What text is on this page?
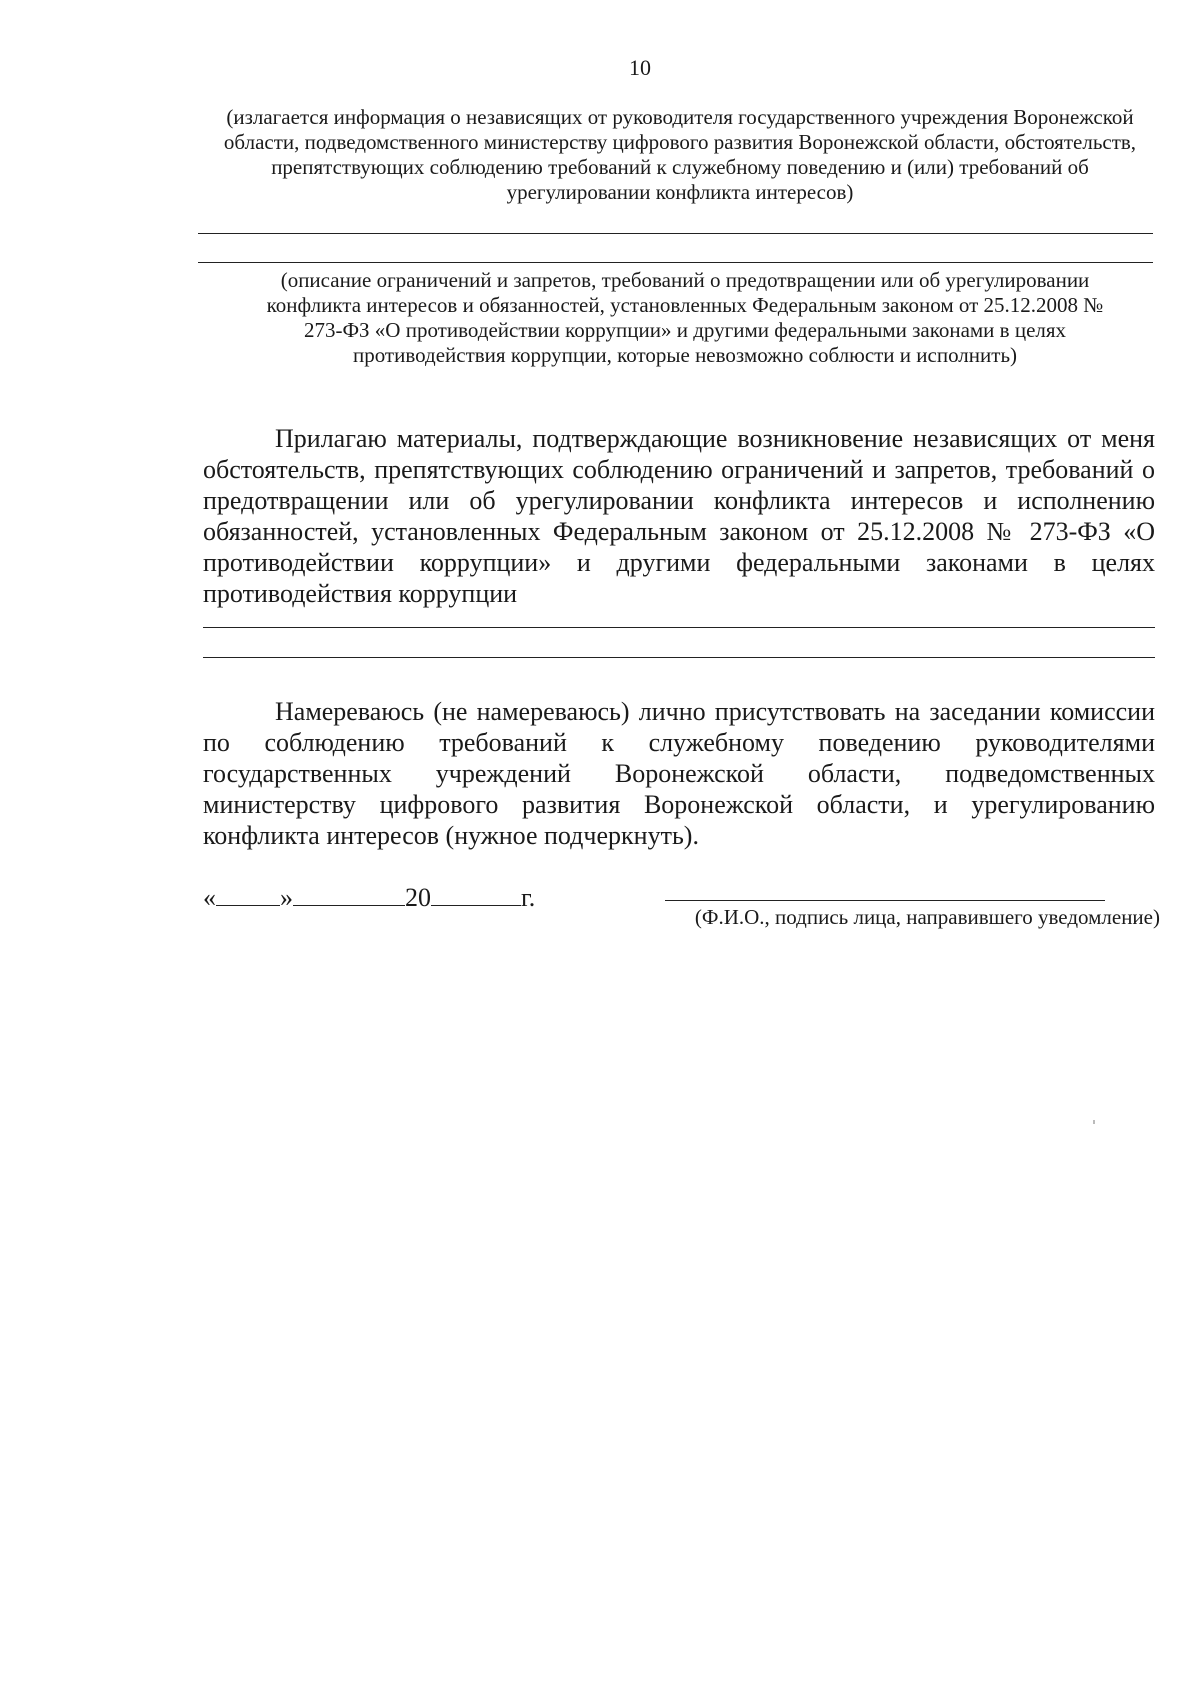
10
(излагается информация о независящих от руководителя государственного учреждения Воронежской области, подведомственного министерству цифрового развития Воронежской области, обстоятельств, препятствующих соблюдению требований к служебному поведению и (или) требований об урегулировании конфликта интересов)
(описание ограничений и запретов, требований о предотвращении или об урегулировании конфликта интересов и обязанностей, установленных Федеральным законом от 25.12.2008 № 273-ФЗ «О противодействии коррупции» и другими федеральными законами в целях противодействия коррупции, которые невозможно соблюсти и исполнить)
Прилагаю материалы, подтверждающие возникновение независящих от меня обстоятельств, препятствующих соблюдению ограничений и запретов, требований о предотвращении или об урегулировании конфликта интересов и исполнению обязанностей, установленных Федеральным законом от 25.12.2008 № 273-ФЗ «О противодействии коррупции» и другими федеральными законами в целях противодействия коррупции
Намереваюсь (не намереваюсь) лично присутствовать на заседании комиссии по соблюдению требований к служебному поведению руководителями государственных учреждений Воронежской области, подведомственных министерству цифрового развития Воронежской области, и урегулированию конфликта интересов (нужное подчеркнуть).
« »	20	г.
(Ф.И.О., подпись лица, направившего уведомление)
